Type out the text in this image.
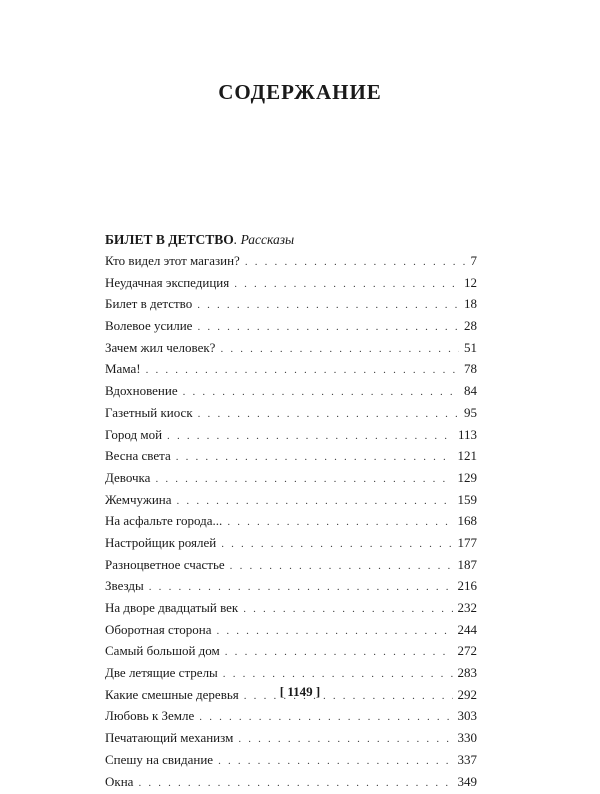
СОДЕРЖАНИЕ
БИЛЕТ В ДЕТСТВО. Рассказы
Кто видел этот магазин? . . .	7
Неудачная экспедиция . . .	12
Билет в детство . . .	18
Волевое усилие . . .	28
Зачем жил человек? . . .	51
Мама! . . .	78
Вдохновение . . .	84
Газетный киоск . . .	95
Город мой . . .	113
Весна света . . .	121
Девочка . . .	129
Жемчужина . . .	159
На асфальте города... . . .	168
Настройщик роялей . . .	177
Разноцветное счастье . . .	187
Звезды . . .	216
На дворе двадцатый век . . .	232
Оборотная сторона . . .	244
Самый большой дом . . .	272
Две летящие стрелы . . .	283
Какие смешные деревья . . .	292
Любовь к Земле . . .	303
Печатающий механизм . . .	330
Спешу на свидание . . .	337
Окна . . .	349
[ 1149 ]
